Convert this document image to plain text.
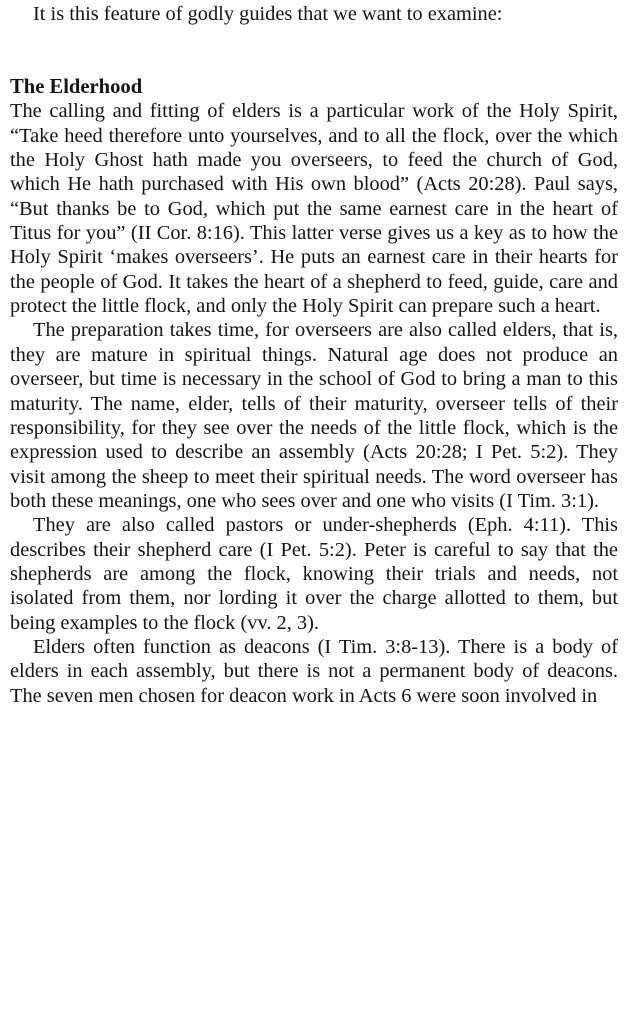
It is this feature of godly guides that we want to examine:

The Elderhood

The calling and fitting of elders is a particular work of the Holy Spirit, “Take heed therefore unto yourselves, and to all the flock, over the which the Holy Ghost hath made you overseers, to feed the church of God, which He hath purchased with His own blood” (Acts 20:28). Paul says, “But thanks be to God, which put the same earnest care in the heart of Titus for you” (II Cor. 8:16). This latter verse gives us a key as to how the Holy Spirit ‘makes overseers’. He puts an earnest care in their hearts for the people of God. It takes the heart of a shepherd to feed, guide, care and protect the little flock, and only the Holy Spirit can prepare such a heart.

The preparation takes time, for overseers are also called elders, that is, they are mature in spiritual things. Natural age does not produce an overseer, but time is necessary in the school of God to bring a man to this maturity. The name, elder, tells of their maturity, overseer tells of their responsibility, for they see over the needs of the little flock, which is the expression used to describe an assembly (Acts 20:28; I Pet. 5:2). They visit among the sheep to meet their spiritual needs. The word overseer has both these meanings, one who sees over and one who visits (I Tim. 3:1).

They are also called pastors or under-shepherds (Eph. 4:11). This describes their shepherd care (I Pet. 5:2). Peter is careful to say that the shepherds are among the flock, knowing their trials and needs, not isolated from them, nor lording it over the charge allotted to them, but being examples to the flock (vv. 2, 3).

Elders often function as deacons (I Tim. 3:8-13). There is a body of elders in each assembly, but there is not a permanent body of deacons. The seven men chosen for deacon work in Acts 6 were soon involved in
